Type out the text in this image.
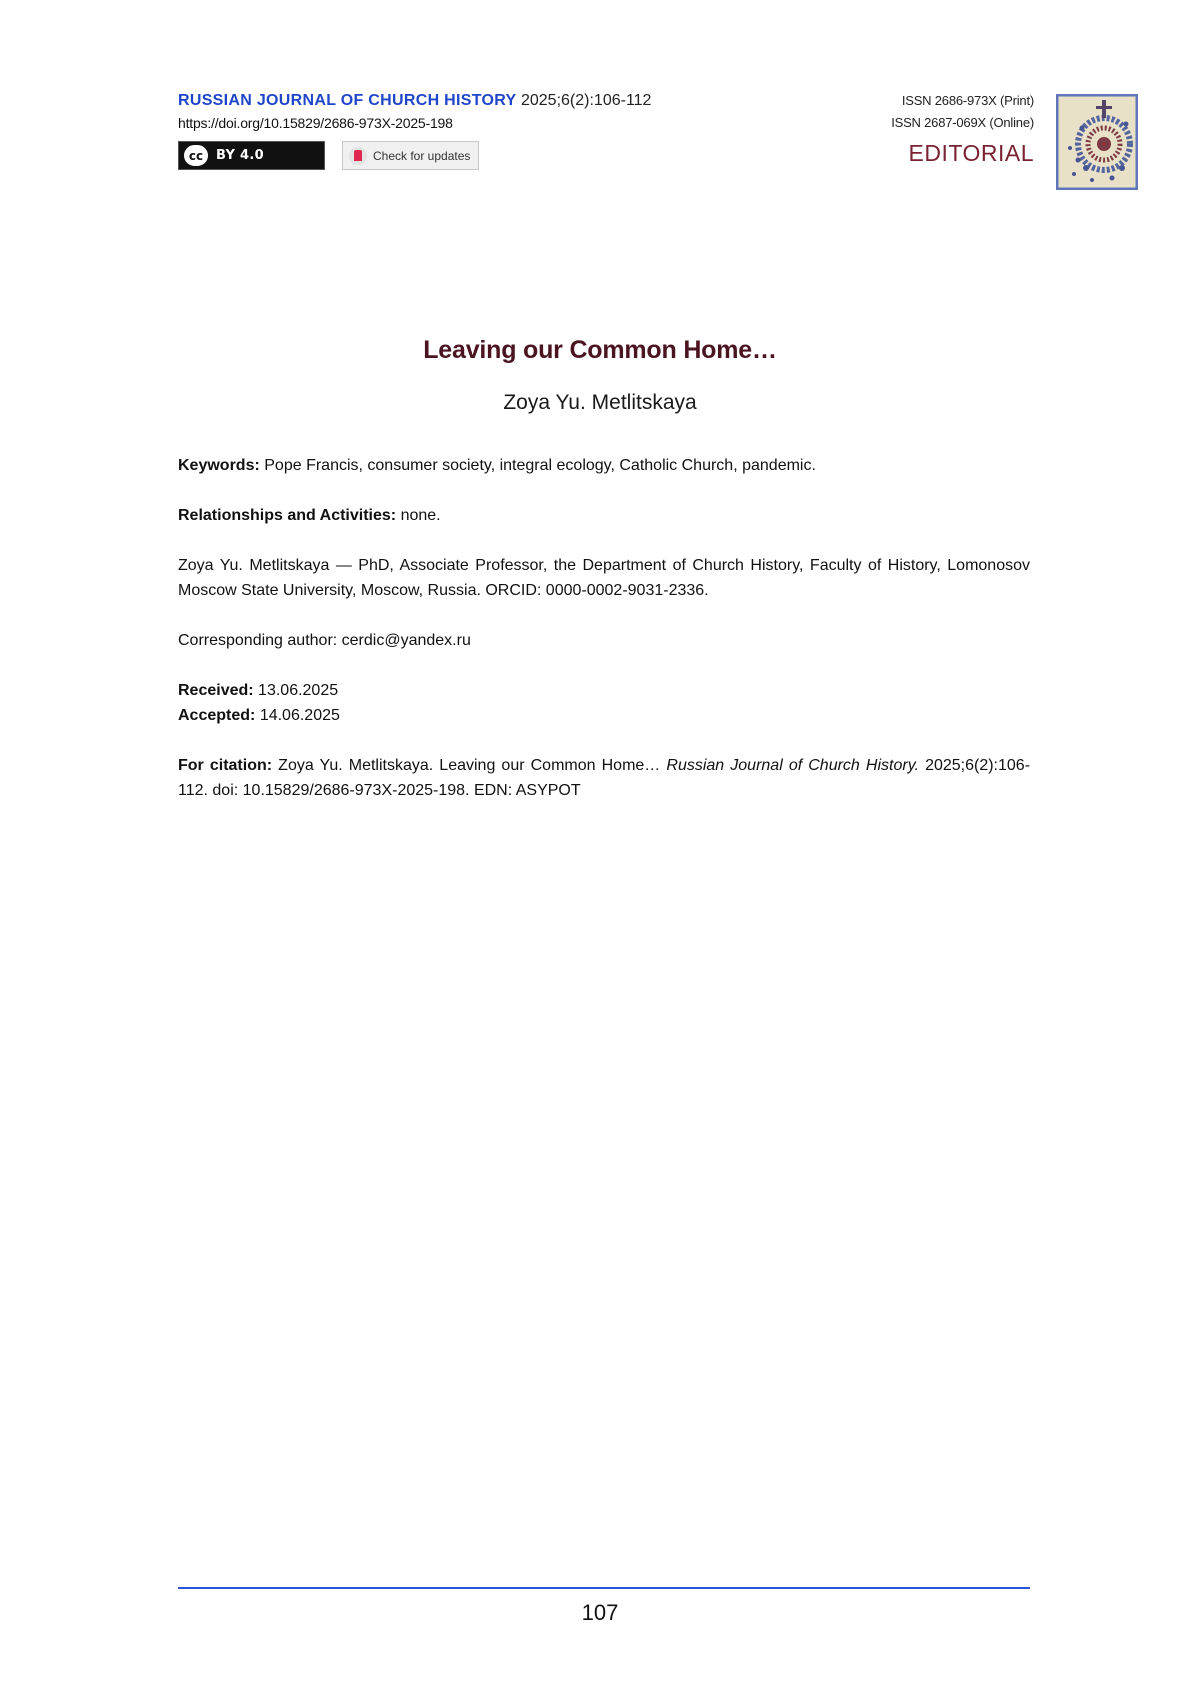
RUSSIAN JOURNAL OF CHURCH HISTORY 2025;6(2):106-112
https://doi.org/10.15829/2686-973X-2025-198
cc BY 4.0	Check for updates
ISSN 2686-973X (Print)
ISSN 2687-069X (Online)
EDITORIAL
Leaving our Common Home…
Zoya Yu. Metlitskaya

Keywords: Pope Francis, consumer society, integral ecology, Catholic Church, pandemic.

Relationships and Activities: none.

Zoya Yu. Metlitskaya — PhD, Associate Professor, the Department of Church History, Faculty of History, Lomonosov Moscow State University, Moscow, Russia. ORCID: 0000-0002-9031-2336.

Corresponding author: cerdic@yandex.ru

Received: 13.06.2025

Accepted: 14.06.2025

For citation: Zoya Yu. Metlitskaya. Leaving our Common Home… Russian Journal of Church History. 2025;6(2):106-112. doi: 10.15829/2686-973X-2025-198. EDN: ASYPOT

107
